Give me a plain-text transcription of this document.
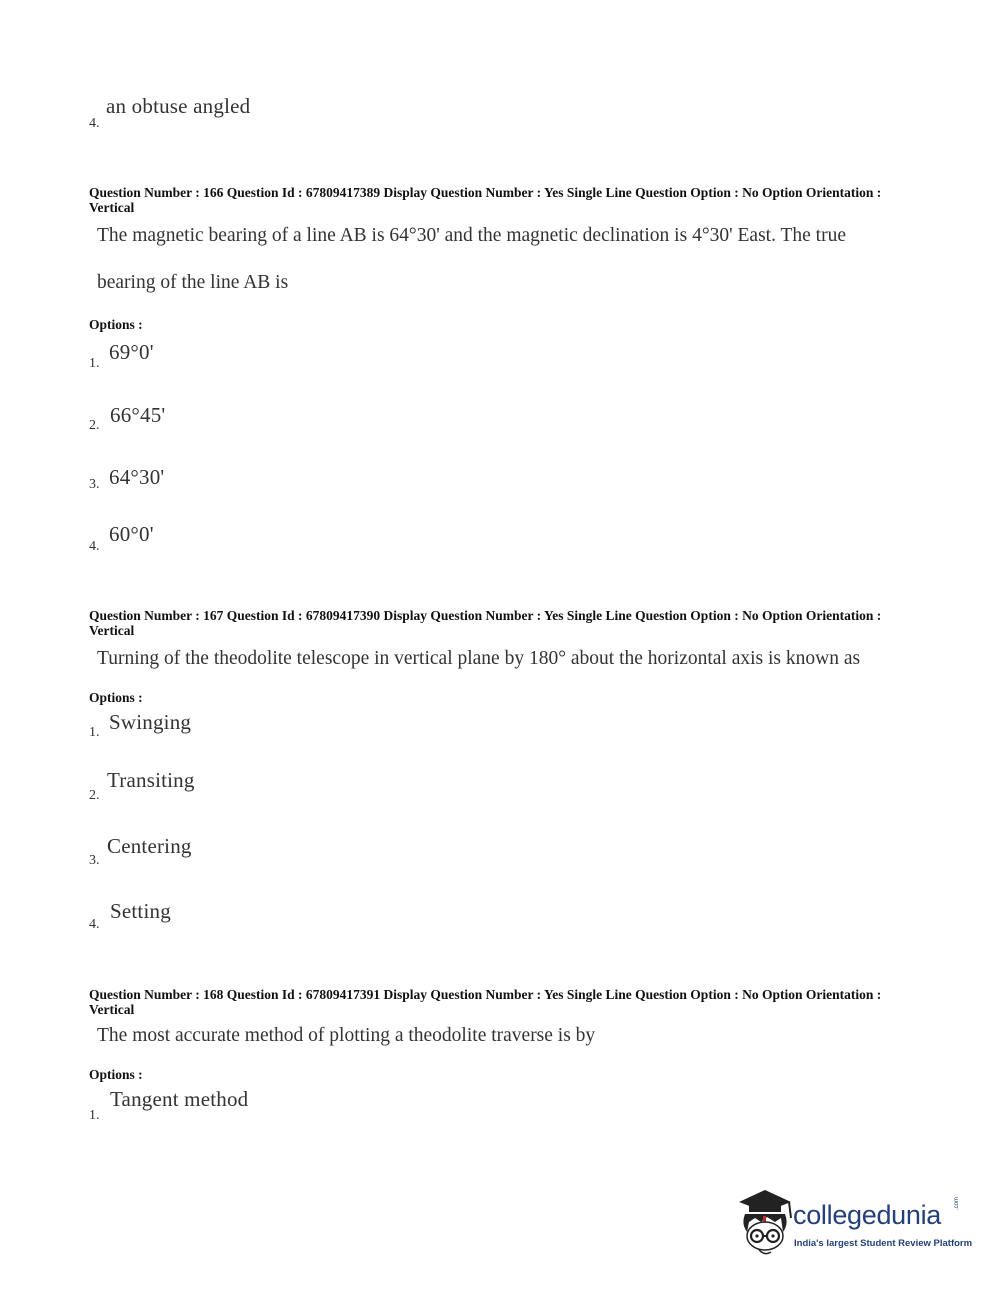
4.
an obtuse angled
Question Number : 166 Question Id : 67809417389 Display Question Number : Yes Single Line Question Option : No Option Orientation : Vertical
The magnetic bearing of a line AB is 64°30' and the magnetic declination is 4°30' East. The true
bearing of the line AB is
Options :
1. 69°0'
2. 66°45'
3. 64°30'
4.
60°0'
Question Number : 167 Question Id : 67809417390 Display Question Number : Yes Single Line Question Option : No Option Orientation : Vertical
Turning of the theodolite telescope in vertical plane by 180° about the horizontal axis is known as
Options :
1. Swinging
2.
Transiting
3.
Centering
4.
Setting
Question Number : 168 Question Id : 67809417391 Display Question Number : Yes Single Line Question Option : No Option Orientation : Vertical
The most accurate method of plotting a theodolite traverse is by
Options :
1.
Tangent method
collegedunia .com
India's largest Student Review Platform
